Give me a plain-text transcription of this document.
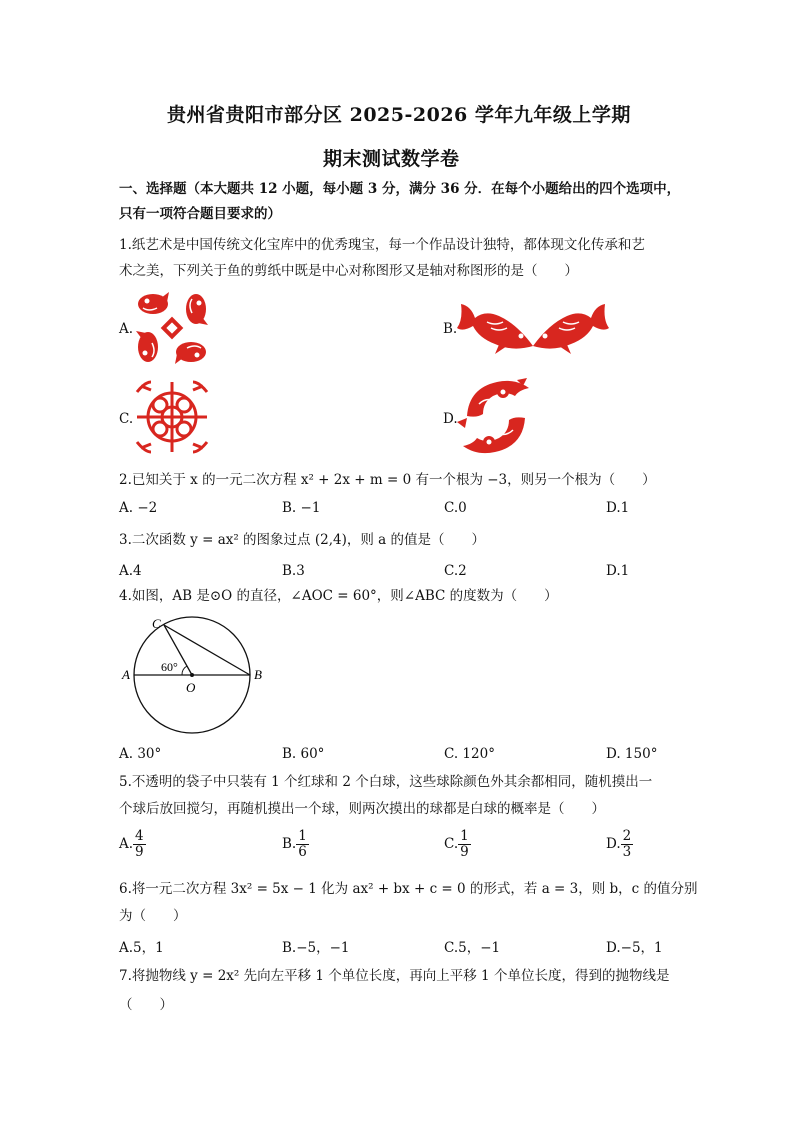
贵州省贵阳市部分区 2025-2026 学年九年级上学期
期末测试数学卷
一、选择题（本大题共 12 小题，每小题 3 分，满分 36 分．在每个小题给出的四个选项中，
只有一项符合题目要求的）
1.纸艺术是中国传统文化宝库中的优秀瑰宝，每一个作品设计独特，都体现文化传承和艺
术之美，下列关于鱼的剪纸中既是中心对称图形又是轴对称图形的是（　　）
A.	B.
C.	D.
2.已知关于 x 的一元二次方程 x² + 2x + m = 0 有一个根为 −3，则另一个根为（　　）
A. −2	B. −1	C.0	D.1
3.二次函数 y = ax² 的图象过点 (2,4)，则 a 的值是（　　）
A.4	B.3	C.2	D.1
4.如图，AB 是⊙O 的直径，∠AOC = 60°，则∠ABC 的度数为（　　）
C
A	B
O
60°
A. 30°	B. 60°	C. 120°	D. 150°
5.不透明的袋子中只装有 1 个红球和 2 个白球，这些球除颜色外其余都相同，随机摸出一
个球后放回搅匀，再随机摸出一个球，则两次摸出的球都是白球的概率是（　　）
A. $\frac{4}{9}$	B. $\frac{1}{6}$	C. $\frac{1}{9}$	D. $\frac{2}{3}$
6.将一元二次方程 3x² = 5x − 1 化为 ax² + bx + c = 0 的形式，若 a = 3，则 b，c 的值分别
为（　　）
A.5，1	B.−5，−1	C.5，−1	D.−5，1
7.将抛物线 y = 2x² 先向左平移 1 个单位长度，再向上平移 1 个单位长度，得到的抛物线是
（　　）
